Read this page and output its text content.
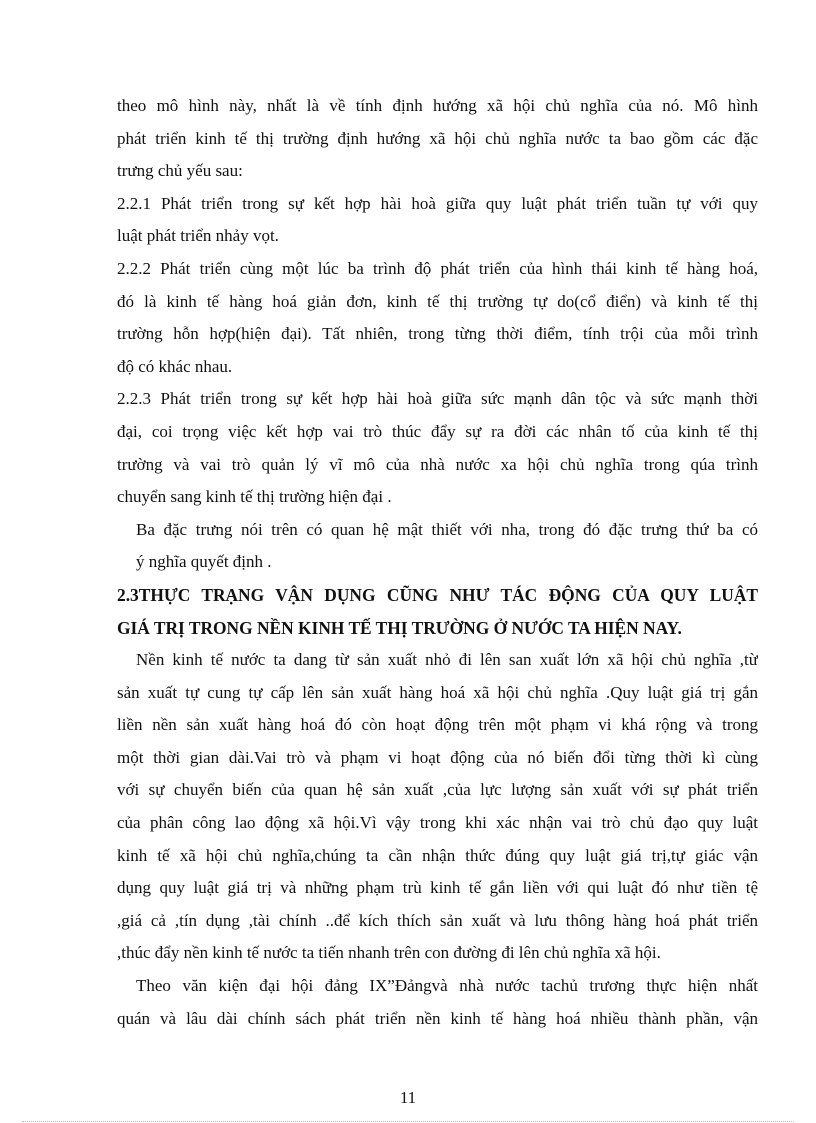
theo mô hình này, nhất là về tính định hướng xã hội chủ nghĩa của nó. Mô hình
phát triển kinh tế thị trường định hướng xã hội chủ nghĩa nước ta bao gồm các đặc
trưng chủ yếu sau:

2.2.1 Phát triển trong sự kết hợp hài hoà giữa quy luật phát triển tuần tự với quy
luật phát triển nhảy vọt.

2.2.2 Phát triển cùng một lúc ba trình độ phát triển của hình thái kinh tế hàng hoá,
đó là kinh tế hàng hoá giản đơn, kinh tế thị trường tự do(cổ điển) và kinh tế thị
trường hỗn hợp(hiện đại). Tất nhiên, trong từng thời điểm, tính trội của mỗi trình
độ có khác nhau.

2.2.3 Phát triển trong sự kết hợp hài hoà giữa sức mạnh dân tộc và sức mạnh thời
đại, coi trọng việc kết hợp vai trò thúc đẩy sự ra đời các nhân tố của kinh tế thị
trường và vai trò quản lý vĩ mô của nhà nước xa hội chủ nghĩa trong qúa trình
chuyển sang kinh tế thị trường hiện đại .

Ba đặc trưng nói trên có quan hệ mật thiết với nha, trong đó đặc trưng thứ ba có
ý nghĩa quyết định .

2.3THỰC TRẠNG VẬN DỤNG CŨNG NHƯ TÁC ĐỘNG CỦA QUY LUẬT
GIÁ TRỊ TRONG NỀN KINH TẾ THỊ TRƯỜNG Ở NƯỚC TA HIỆN NAY.

Nền kinh tế nước ta dang từ sản xuất nhỏ đi lên san xuất lớn xã hội chủ nghĩa ,từ
sản xuất tự cung tự cấp lên sản xuất hàng hoá xã hội chủ nghĩa .Quy luật giá trị gắn
liền nền sản xuất hàng hoá đó còn hoạt động trên một phạm vi khá rộng và trong
một thời gian dài.Vai trò và phạm vi hoạt động của nó biến đổi từng thời kì cùng
với sự chuyển biến của quan hệ sản xuất ,của lực lượng sản xuất với sự phát triển
của phân công lao động xã hội.Vì vậy trong khi xác nhận vai trò chủ đạo quy luật
kinh tế xã hội chủ nghĩa,chúng ta cần nhận thức đúng quy luật giá trị,tự giác vận
dụng quy luật giá trị và những phạm trù kinh tế gắn liền với qui luật đó như tiền tệ
,giá cả ,tín dụng ,tài chính ..để kích thích sản xuất và lưu thông hàng hoá phát triển
,thúc đẩy nền kinh tế nước ta tiến nhanh trên con đường đi lên chủ nghĩa xã hội.

Theo văn kiện đại hội đảng IX”Đảngvà nhà nước tachủ trương thực hiện nhất
quán và lâu dài chính sách phát triển nền kinh tế hàng hoá nhiều thành phần, vận

11
